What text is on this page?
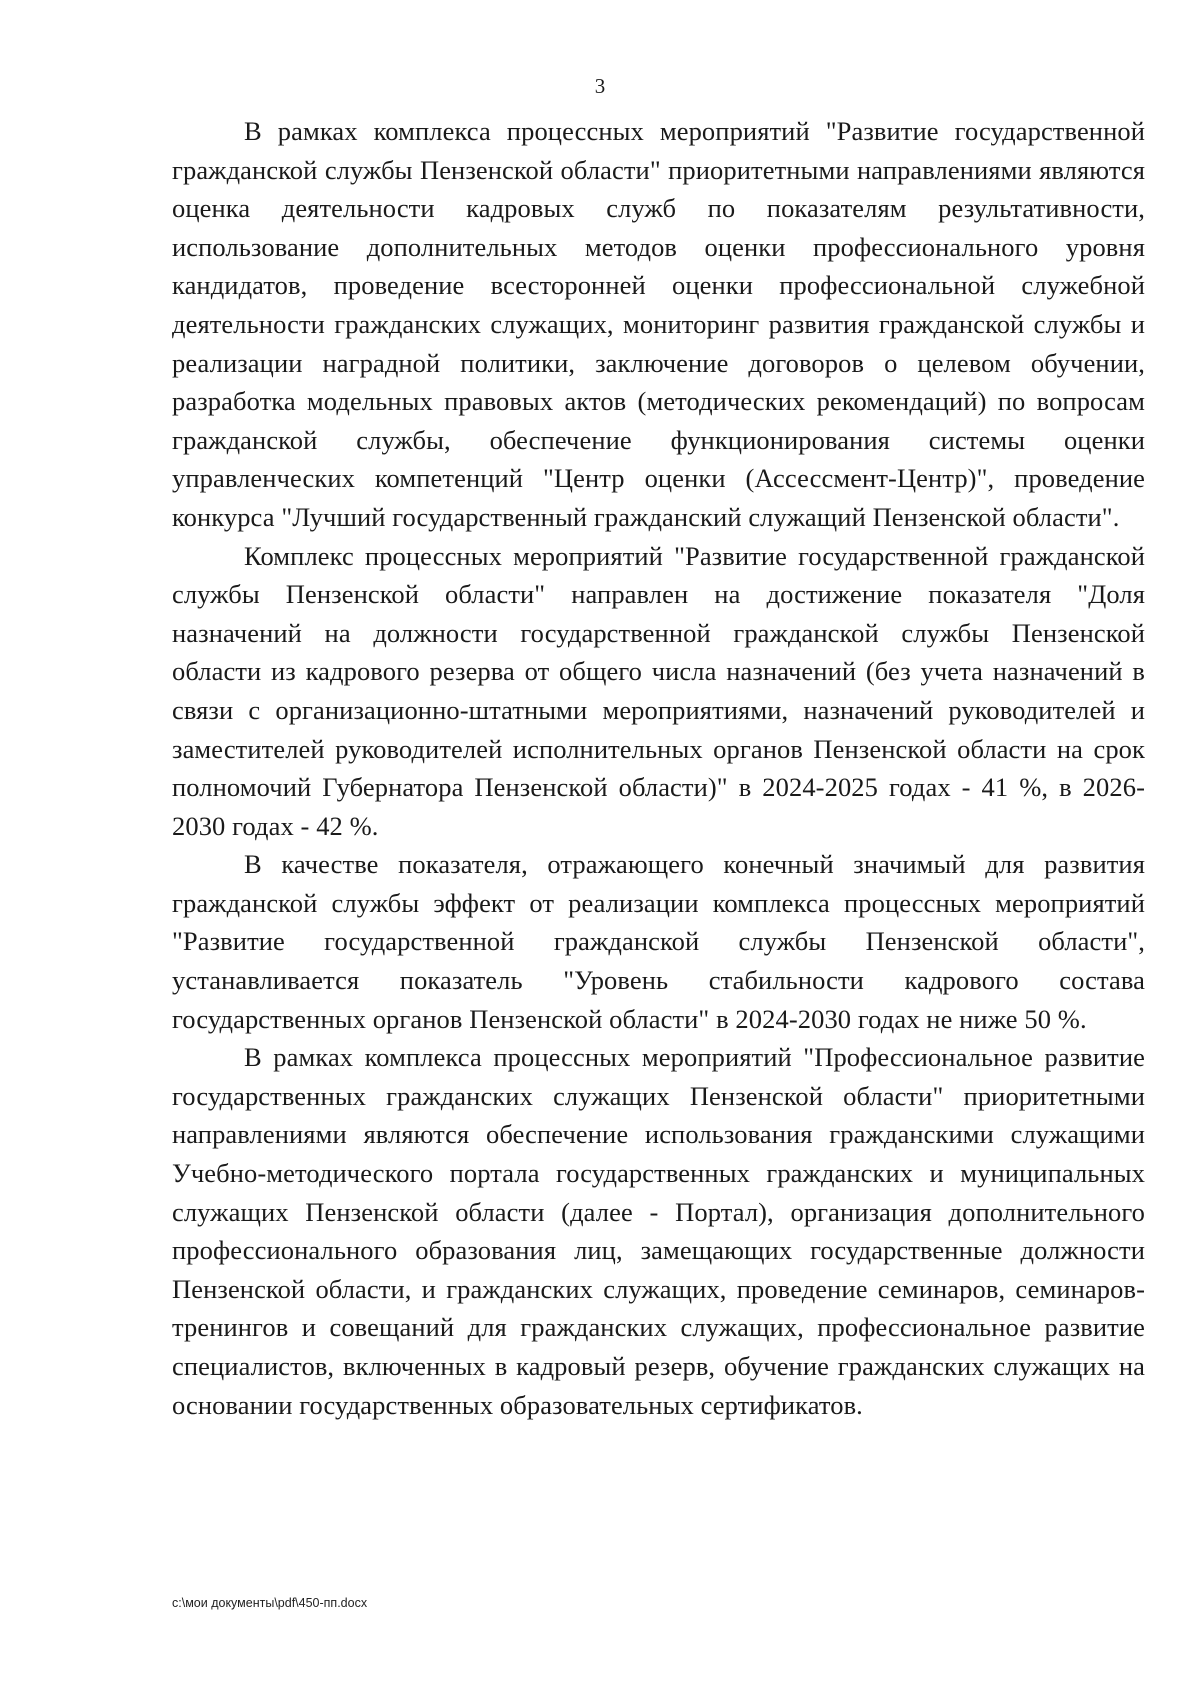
3

В рамках комплекса процессных мероприятий "Развитие государственной гражданской службы Пензенской области" приоритетными направлениями являются оценка деятельности кадровых служб по показателям результативности, использование дополнительных методов оценки профессионального уровня кандидатов, проведение всесторонней оценки профессиональной служебной деятельности гражданских служащих, мониторинг развития гражданской службы и реализации наградной политики, заключение договоров о целевом обучении, разработка модельных правовых актов (методических рекомендаций) по вопросам гражданской службы, обеспечение функционирования системы оценки управленческих компетенций "Центр оценки (Ассессмент-Центр)", проведение конкурса "Лучший государственный гражданский служащий Пензенской области".

Комплекс процессных мероприятий "Развитие государственной гражданской службы Пензенской области" направлен на достижение показателя "Доля назначений на должности государственной гражданской службы Пензенской области из кадрового резерва от общего числа назначений (без учета назначений в связи с организационно-штатными мероприятиями, назначений руководителей и заместителей руководителей исполнительных органов Пензенской области на срок полномочий Губернатора Пензенской области)" в 2024-2025 годах - 41 %, в 2026-2030 годах - 42 %.

В качестве показателя, отражающего конечный значимый для развития гражданской службы эффект от реализации комплекса процессных мероприятий "Развитие государственной гражданской службы Пензенской области", устанавливается показатель "Уровень стабильности кадрового состава государственных органов Пензенской области" в 2024-2030 годах не ниже 50 %.

В рамках комплекса процессных мероприятий "Профессиональное развитие государственных гражданских служащих Пензенской области" приоритетными направлениями являются обеспечение использования гражданскими служащими Учебно-методического портала государственных гражданских и муниципальных служащих Пензенской области (далее - Портал), организация дополнительного профессионального образования лиц, замещающих государственные должности Пензенской области, и гражданских служащих, проведение семинаров, семинаров-тренингов и совещаний для гражданских служащих, профессиональное развитие специалистов, включенных в кадровый резерв, обучение гражданских служащих на основании государственных образовательных сертификатов.

c:\мои документы\pdf\450-пп.docx
